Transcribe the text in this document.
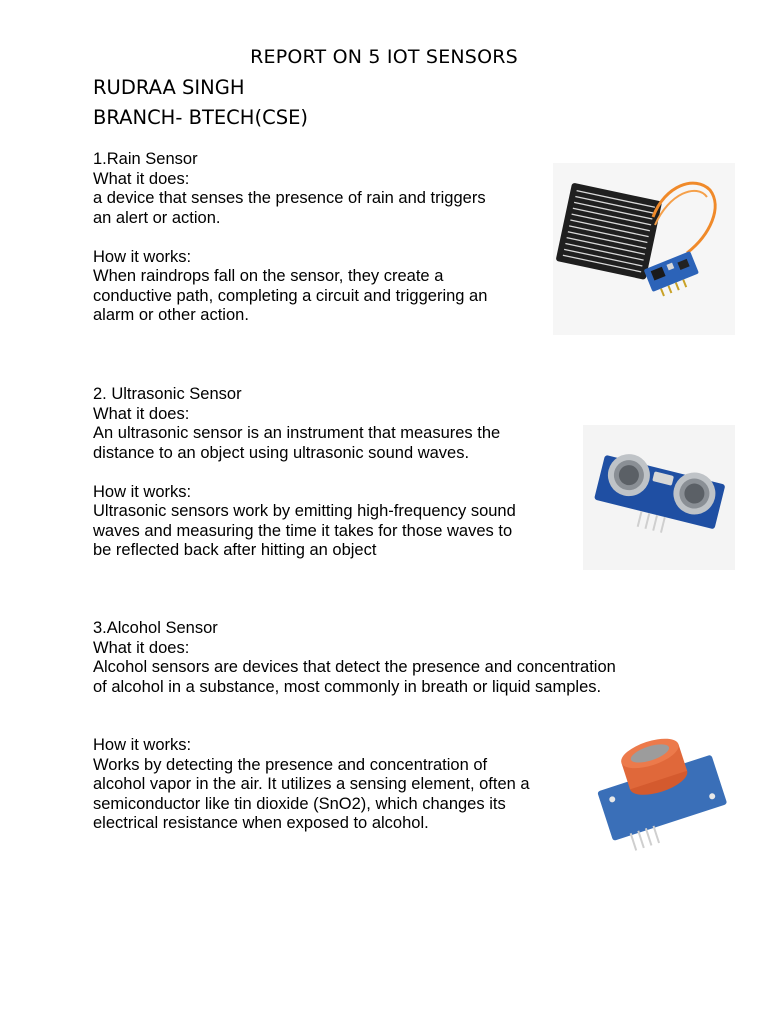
REPORT ON 5 IOT SENSORS
RUDRAA SINGH
BRANCH- BTECH(CSE)

1.Rain Sensor

What it does:

a device that senses the presence of rain and triggers

an alert or action.

How it works:

When raindrops fall on the sensor, they create a

conductive path, completing a circuit and triggering an

alarm or other action.

2. Ultrasonic Sensor

What it does:

An ultrasonic sensor is an instrument that measures the

distance to an object using ultrasonic sound waves.

How it works:

Ultrasonic sensors work by emitting high-frequency sound

waves and measuring the time it takes for those waves to

be reflected back after hitting an object

3.Alcohol Sensor

What it does:

Alcohol sensors are devices that detect the presence and concentration

of alcohol in a substance, most commonly in breath or liquid samples.

How it works:

Works by detecting the presence and concentration of

alcohol vapor in the air. It utilizes a sensing element, often a

semiconductor like tin dioxide (SnO2), which changes its

electrical resistance when exposed to alcohol.
